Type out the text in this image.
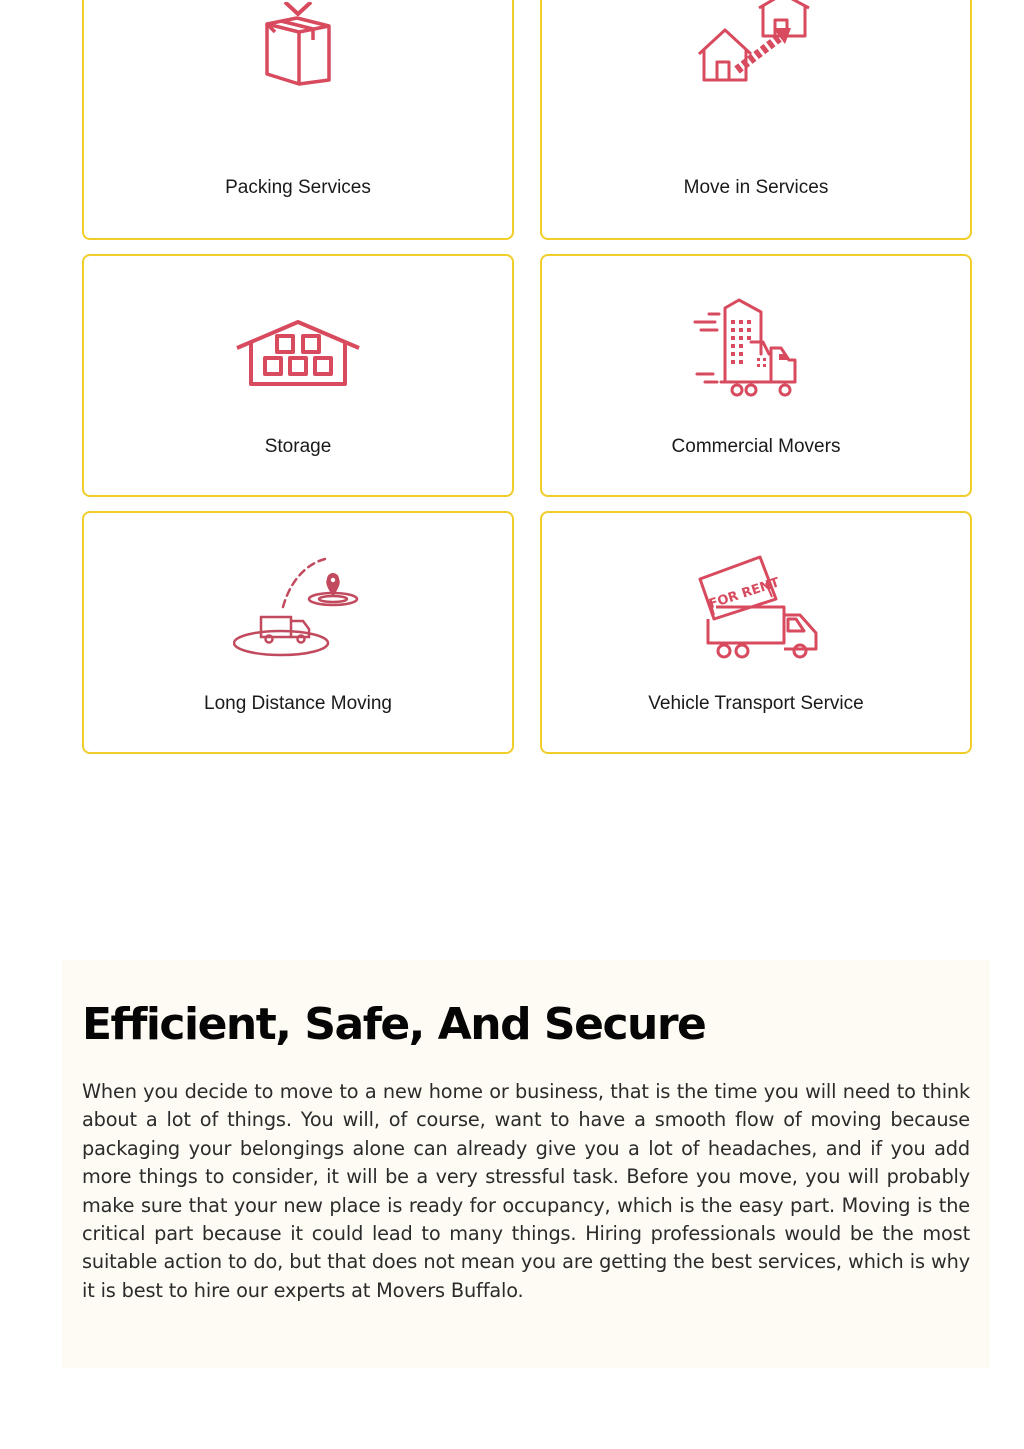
Packing Services	Move in Services
Storage	Commercial Movers
Long Distance Moving
FOR RENT
Vehicle Transport Service
Efficient, Safe, And Secure

When you decide to move to a new home or business, that is the time you will need to think about a lot of things. You will, of course, want to have a smooth flow of moving because packaging your belongings alone can already give you a lot of headaches, and if you add more things to consider, it will be a very stressful task. Before you move, you will probably make sure that your new place is ready for occupancy, which is the easy part. Moving is the critical part because it could lead to many things. Hiring professionals would be the most suitable action to do, but that does not mean you are getting the best services, which is why it is best to hire our experts at Movers Buffalo.
